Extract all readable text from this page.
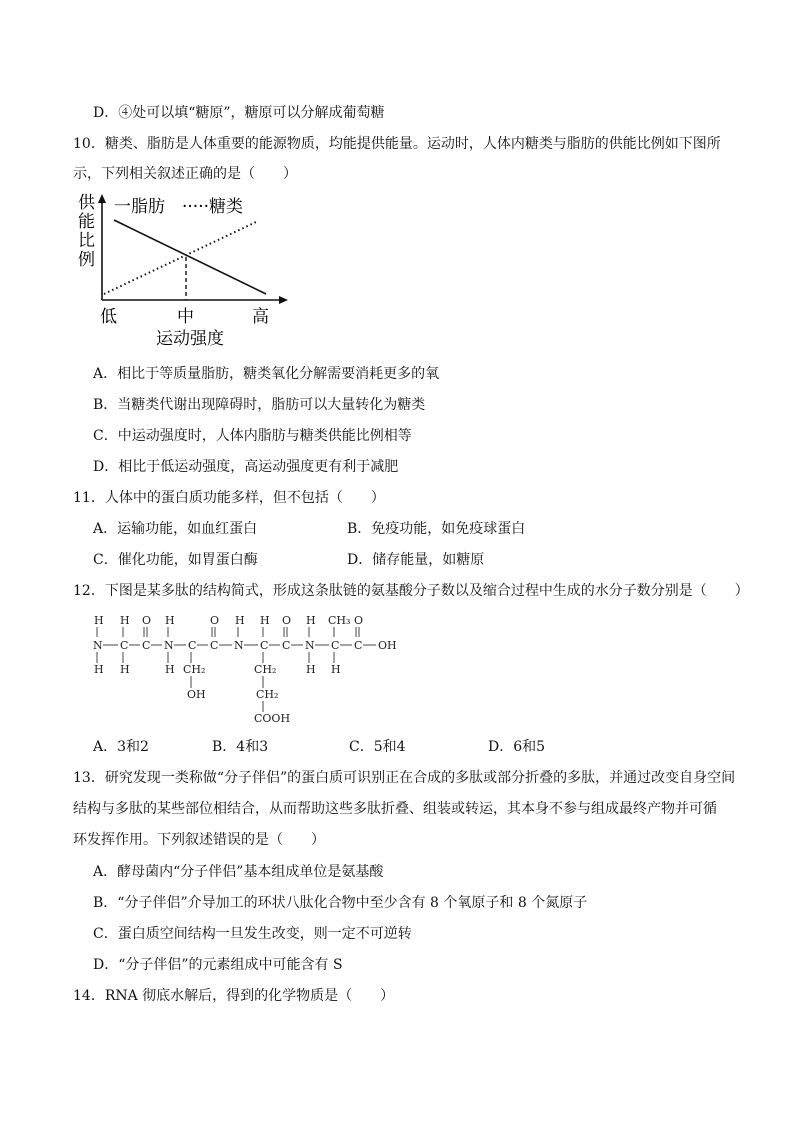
D．④处可以填“糖原”，糖原可以分解成葡萄糖
10．糖类、脂肪是人体重要的能源物质，均能提供能量。运动时，人体内糖类与脂肪的供能比例如下图所
示，下列相关叙述正确的是（　　）
供能比例
一脂肪 ·····糖类
低	中	高
运动强度
A．相比于等质量脂肪，糖类氧化分解需要消耗更多的氧
B．当糖类代谢出现障碍时，脂肪可以大量转化为糖类
C．中运动强度时，人体内脂肪与糖类供能比例相等
D．相比于低运动强度，高运动强度更有利于减肥
11．人体中的蛋白质功能多样，但不包括（　　）
A．运输功能，如血红蛋白	B．免疫功能，如免疫球蛋白
C．催化功能，如胃蛋白酶	D．储存能量，如糖原
12．下图是某多肽的结构简式，形成这条肽链的氨基酸分子数以及缩合过程中生成的水分子数分别是（　　）
H H O H	O H H O H CH₃ O
N C C N C C N C C N C C OH
H H	H CH₂	CH₂	H H
OH	CH₂
COOH
A．3和2	B．4和3	C．5和4	D．6和5
13．研究发现一类称做“分子伴侣”的蛋白质可识别正在合成的多肽或部分折叠的多肽，并通过改变自身空间
结构与多肽的某些部位相结合，从而帮助这些多肽折叠、组装或转运，其本身不参与组成最终产物并可循
环发挥作用。下列叙述错误的是（　　）
A．酵母菌内“分子伴侣”基本组成单位是氨基酸
B．“分子伴侣”介导加工的环状八肽化合物中至少含有 8 个氧原子和 8 个氮原子
C．蛋白质空间结构一旦发生改变，则一定不可逆转
D．“分子伴侣”的元素组成中可能含有 S
14．RNA 彻底水解后，得到的化学物质是（　　）
